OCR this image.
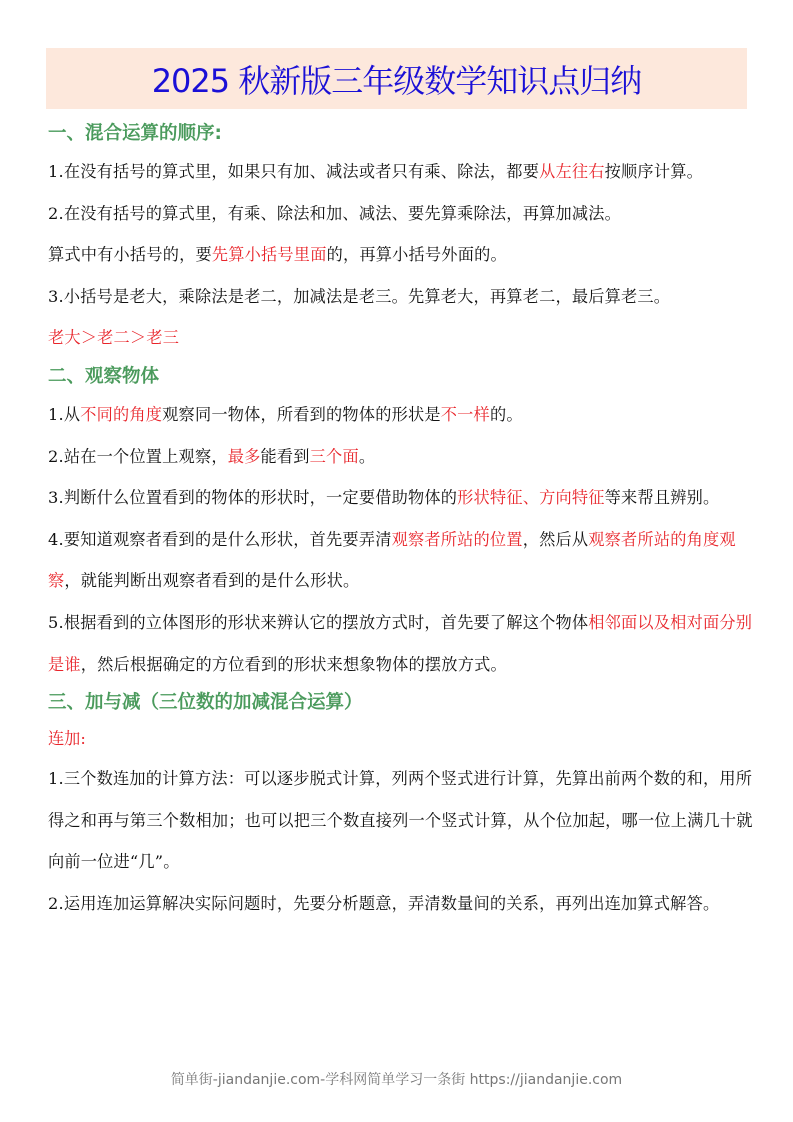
2025 秋新版三年级数学知识点归纳
一、混合运算的顺序:

1.在没有括号的算式里，如果只有加、减法或者只有乘、除法，都要从左往右按顺序计算。

2.在没有括号的算式里，有乘、除法和加、减法、要先算乘除法，再算加减法。

算式中有小括号的，要先算小括号里面的，再算小括号外面的。

3.小括号是老大，乘除法是老二，加减法是老三。先算老大，再算老二，最后算老三。

老大＞老二＞老三

二、观察物体

1.从不同的角度观察同一物体，所看到的物体的形状是不一样的。

2.站在一个位置上观察，最多能看到三个面。

3.判断什么位置看到的物体的形状时，一定要借助物体的形状特征、方向特征等来帮且辨别。

4.要知道观察者看到的是什么形状，首先要弄清观察者所站的位置，然后从观察者所站的角度观察，就能判断出观察者看到的是什么形状。

5.根据看到的立体图形的形状来辨认它的摆放方式时，首先要了解这个物体相邻面以及相对面分别是谁，然后根据确定的方位看到的形状来想象物体的摆放方式。

三、加与减（三位数的加减混合运算）

连加:

1.三个数连加的计算方法：可以逐步脱式计算，列两个竖式进行计算，先算出前两个数的和，用所得之和再与第三个数相加；也可以把三个数直接列一个竖式计算，从个位加起，哪一位上满几十就向前一位进“几”。

2.运用连加运算解决实际问题时，先要分析题意，弄清数量间的关系，再列出连加算式解答。

简单街-jiandanjie.com-学科网简单学习一条街 https://jiandanjie.com
